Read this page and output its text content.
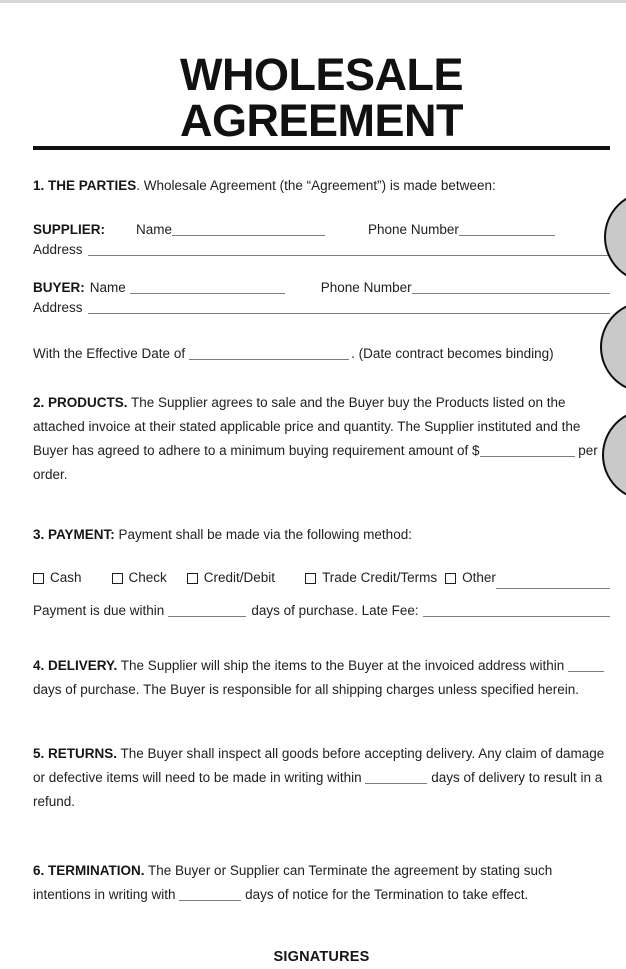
WHOLESALE AGREEMENT

1. THE PARTIES. Wholesale Agreement (the “Agreement”) is made between:

SUPPLIER: Name	Phone Number
Address
BUYER: Name	Phone Number
Address
With the Effective Date of	. (Date contract becomes binding)

2. PRODUCTS. The Supplier agrees to sale and the Buyer buy the Products listed on the attached invoice at their stated applicable price and quantity. The Supplier instituted and the Buyer has agreed to adhere to a minimum buying requirement amount of $	per order.

3. PAYMENT: Payment shall be made via the following method:

Cash	Check	Credit/Debit	Trade Credit/Terms Other
Payment is due within	days of purchase. Late Fee:

4. DELIVERY. The Supplier will ship the items to the Buyer at the invoiced address within  days of purchase. The Buyer is responsible for all shipping charges unless specified herein.

5. RETURNS. The Buyer shall inspect all goods before accepting delivery. Any claim of damage or defective items will need to be made in writing within	days of delivery to result in a refund.

6. TERMINATION. The Buyer or Supplier can Terminate the agreement by stating such intentions in writing with	days of notice for the Termination to take effect.

SIGNATURES
